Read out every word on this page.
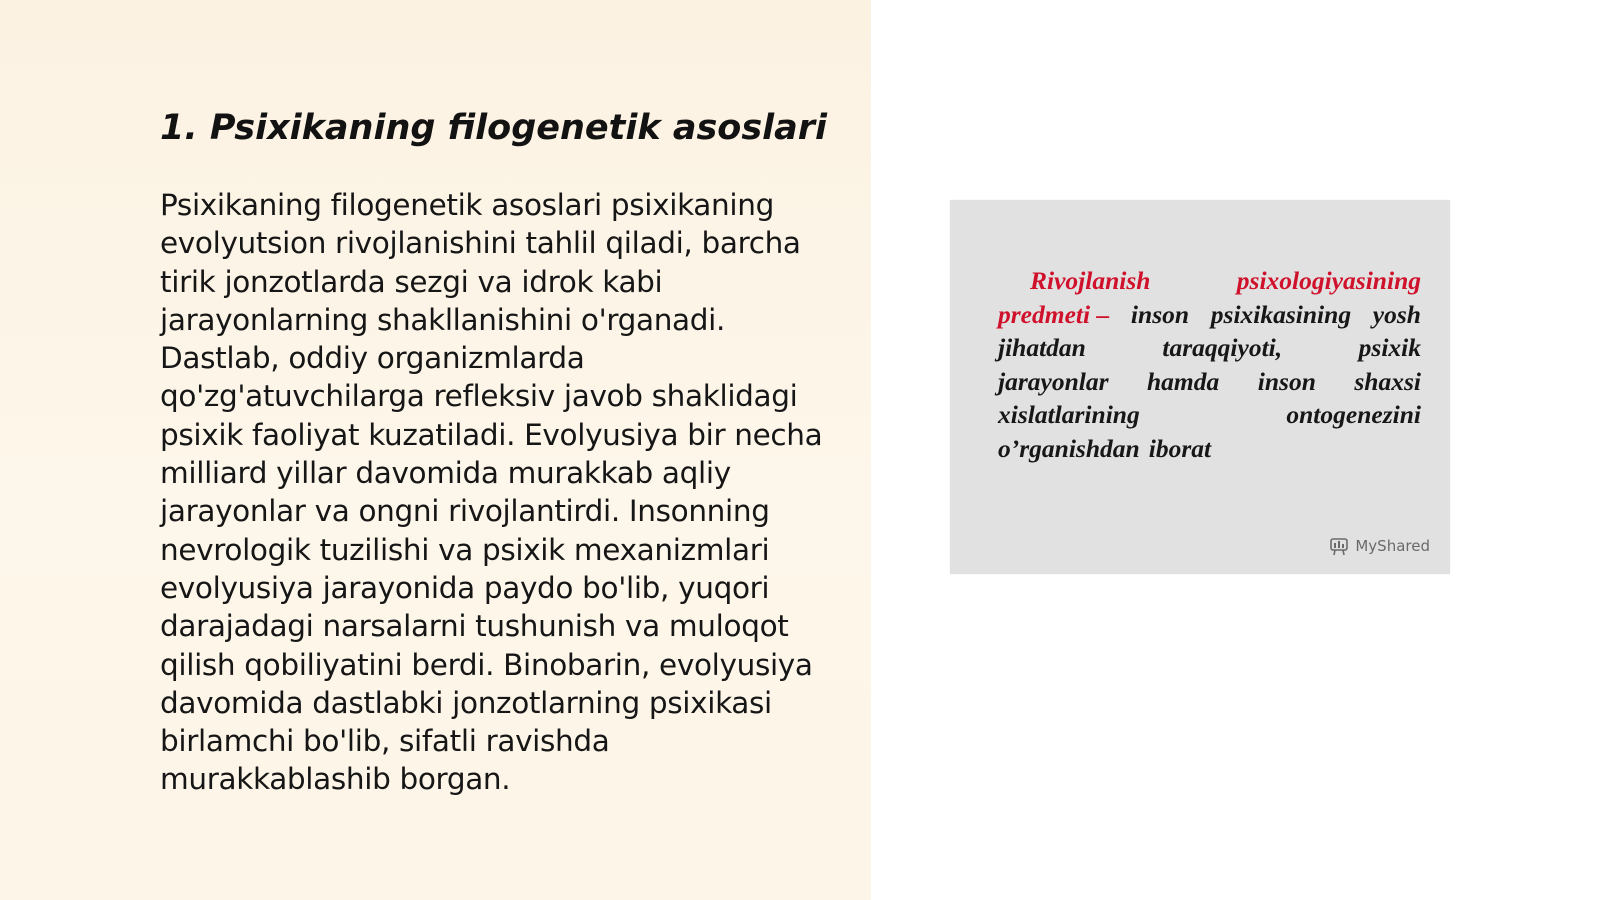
1. Psixikaning filogenetik asoslari

Psixikaning filogenetik asoslari psixikaning
evolyutsion rivojlanishini tahlil qiladi, barcha
tirik jonzotlarda sezgi va idrok kabi
jarayonlarning shakllanishini o'rganadi.
Dastlab, oddiy organizmlarda
qo'zg'atuvchilarga refleksiv javob shaklidagi
psixik faoliyat kuzatiladi. Evolyusiya bir necha
milliard yillar davomida murakkab aqliy
jarayonlar va ongni rivojlantirdi. Insonning
nevrologik tuzilishi va psixik mexanizmlari
evolyusiya jarayonida paydo bo'lib, yuqori
darajadagi narsalarni tushunish va muloqot
qilish qobiliyatini berdi. Binobarin, evolyusiya
davomida dastlabki jonzotlarning psixikasi
birlamchi bo'lib, sifatli ravishda
murakkablashib borgan.

Rivojlanish	psixologiyasining
predmeti – inson psixikasining yosh
jihatdan	taraqqiyoti,	psixik
jarayonlar hamda inson shaxsi
xislatlarining	ontogenezini
o’rganishdan iborat
MyShared
